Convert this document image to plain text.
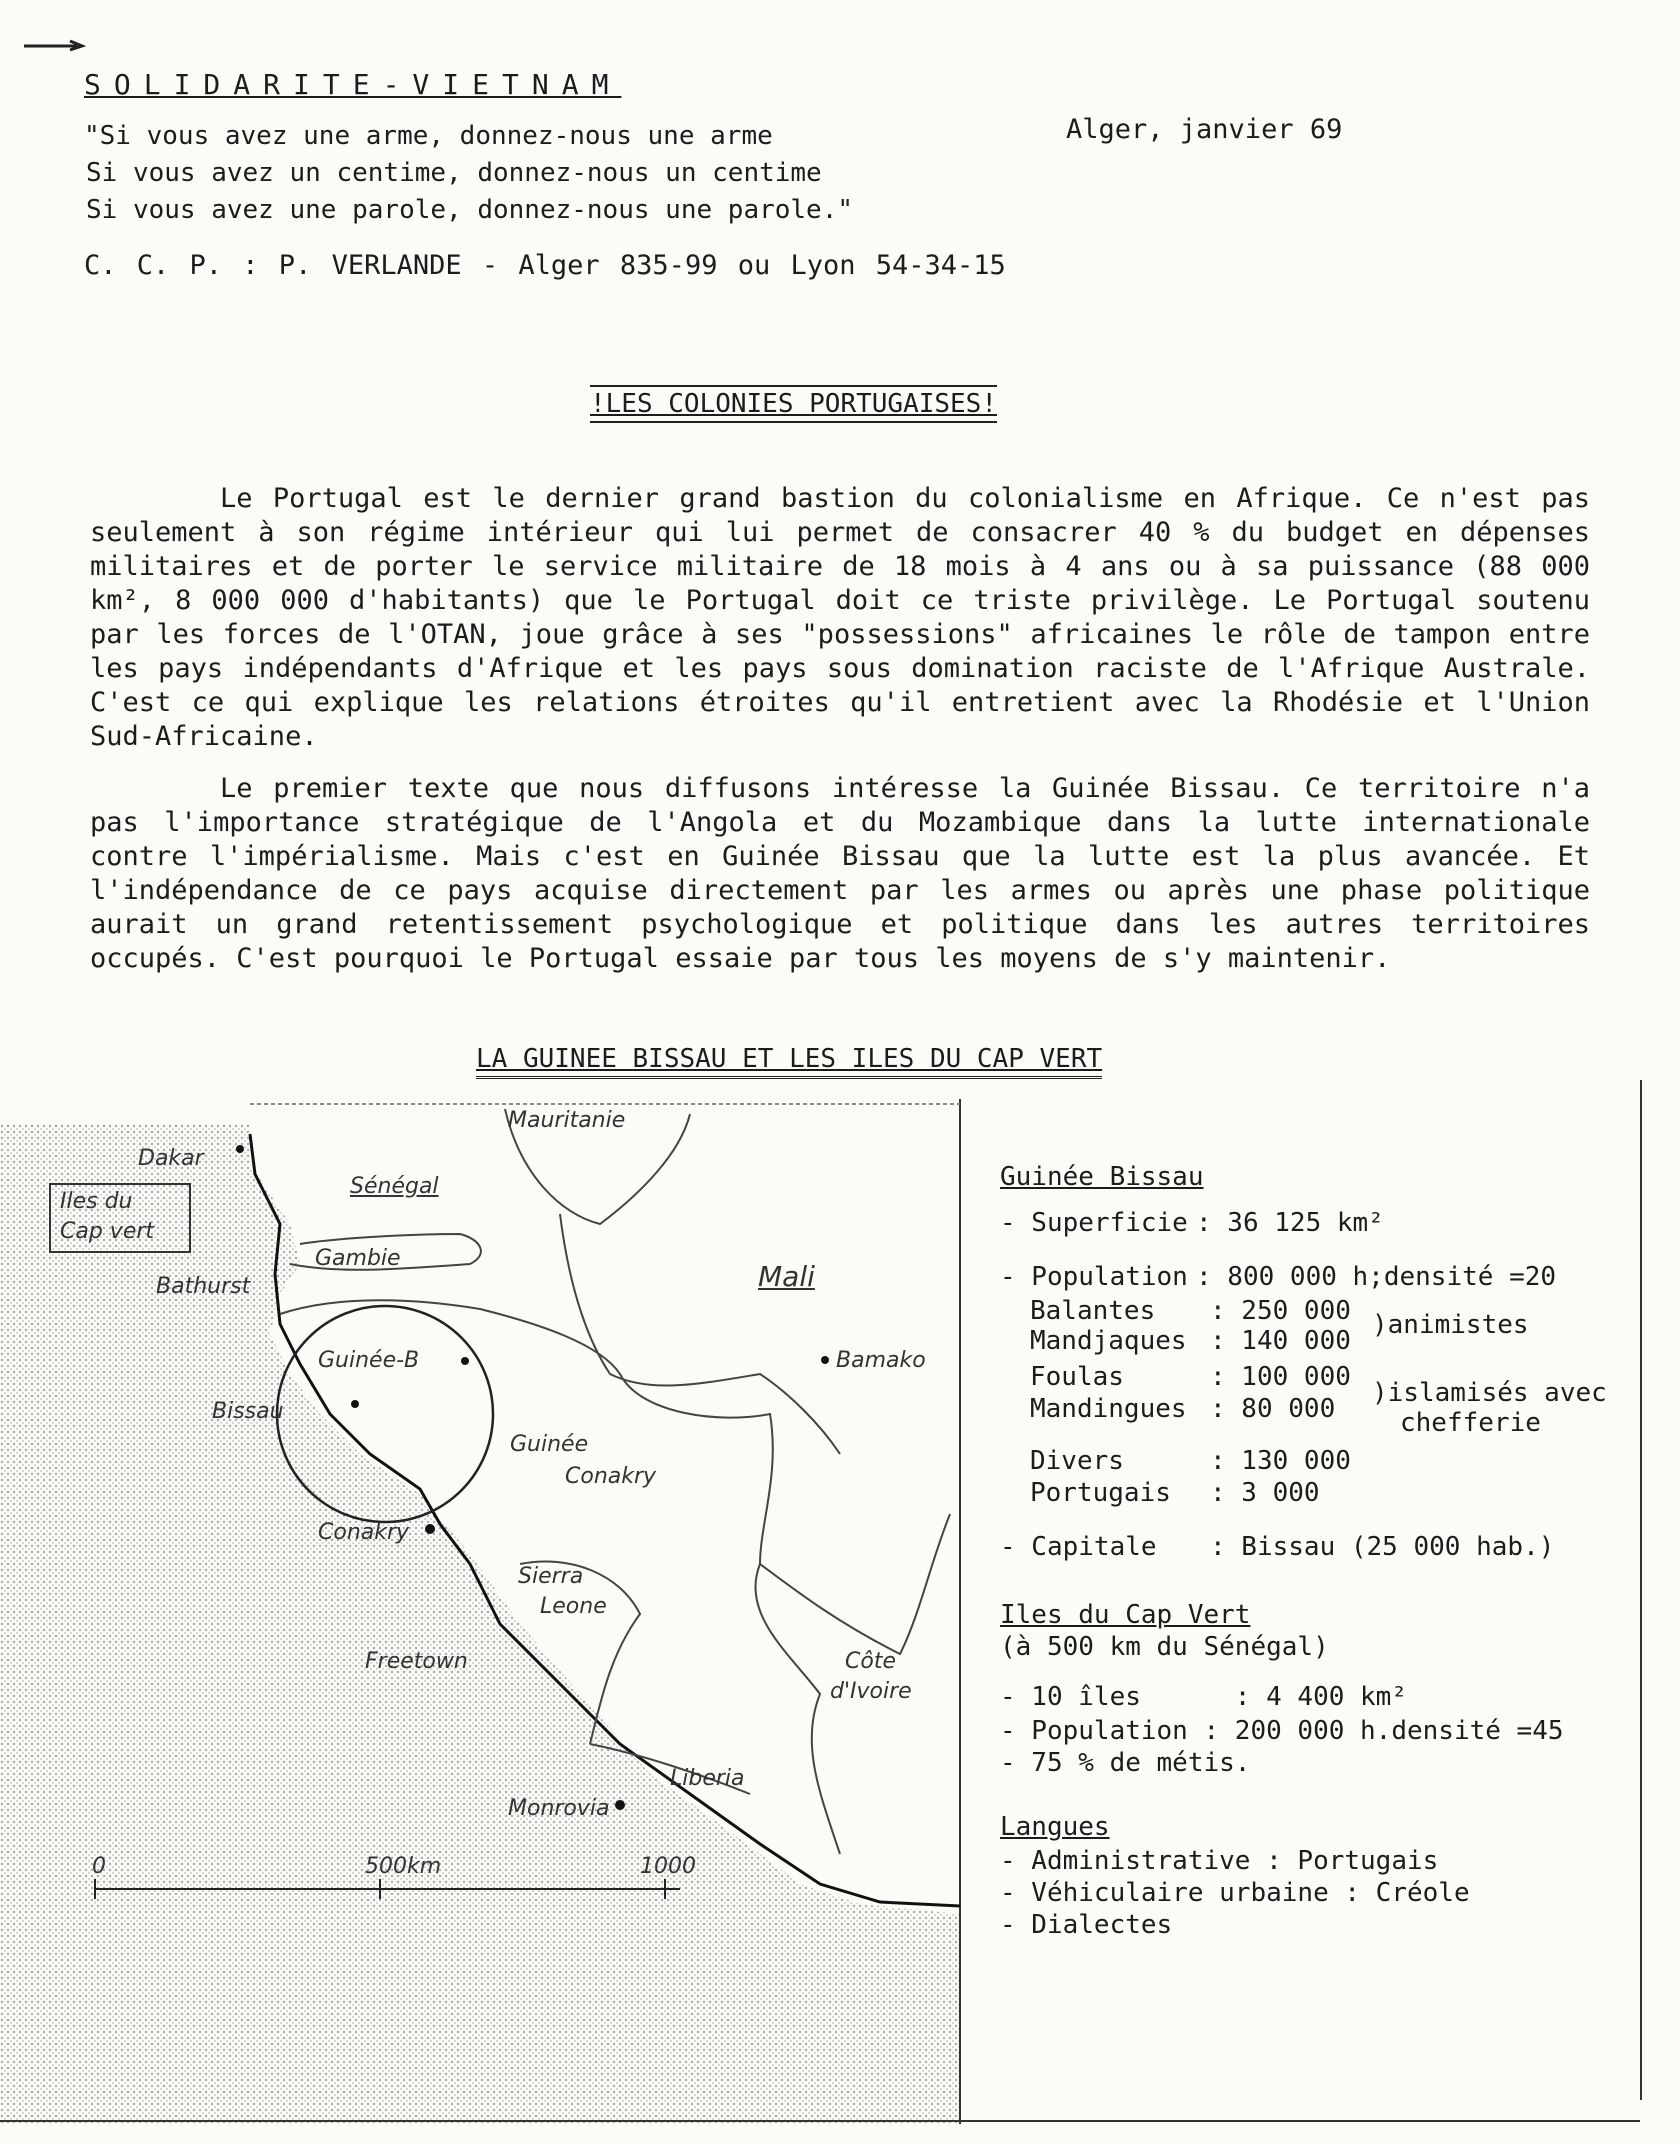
SOLIDARITE-VIETNAM
"Si vous avez une arme, donnez-nous une arme
Si vous avez un centime, donnez-nous un centime
Si vous avez une parole, donnez-nous une parole."
Alger, janvier 69
C. C. P. : P. VERLANDE - Alger 835-99 ou Lyon 54-34-15
!LES COLONIES PORTUGAISES!
Le Portugal est le dernier grand bastion du colonialisme en Afrique. Ce n'est pas seulement à son régime intérieur qui lui permet de consacrer 40 % du budget en dépenses militaires et de porter le service militaire de 18 mois à 4 ans ou à sa puissance (88 000 km², 8 000 000 d'habitants) que le Portugal doit ce triste privilège. Le Portugal soutenu par les forces de l'OTAN, joue grâce à ses "possessions" africaines le rôle de tampon entre les pays indépendants d'Afrique et les pays sous domination raciste de l'Afrique Australe. C'est ce qui explique les relations étroites qu'il entretient avec la Rhodésie et l'Union Sud-Africaine.
Le premier texte que nous diffusons intéresse la Guinée Bissau. Ce territoire n'a pas l'importance stratégique de l'Angola et du Mozambique dans la lutte internationale contre l'impérialisme. Mais c'est en Guinée Bissau que la lutte est la plus avancée. Et l'indépendance de ce pays acquise directement par les armes ou après une phase politique aurait un grand retentissement psychologique et politique dans les autres territoires occupés. C'est pourquoi le Portugal essaie par tous les moyens de s'y maintenir.
LA GUINEE BISSAU ET LES ILES DU CAP VERT
Dakar
Iles du
Cap vert
Mauritanie
Sénégal
Gambie
Bathurst	Mali
Guinée-B
Bissau
Bamako
Guinée
Conakry
Conakry
Sierra
Leone
Freetown	Côte
d'Ivoire
Liberia
Monrovia
0	500km	1000
Guinée Bissau
- Superficie : 36 125 km²
- Population : 800 000 h;densité =20
Balantes : 250 000
Mandjaques : 140 000
)animistes
Foulas	: 100 000
Mandingues : 80 000
)islamisés avec
chefferie
Divers	: 130 000
Portugais : 3 000
- Capitale : Bissau (25 000 hab.)
Iles du Cap Vert
(à 500 km du Sénégal)
- 10 îles      : 4 400 km²
- Population : 200 000 h.densité =45
- 75 % de métis.
Langues
- Administrative : Portugais
- Véhiculaire urbaine : Créole
- Dialectes
